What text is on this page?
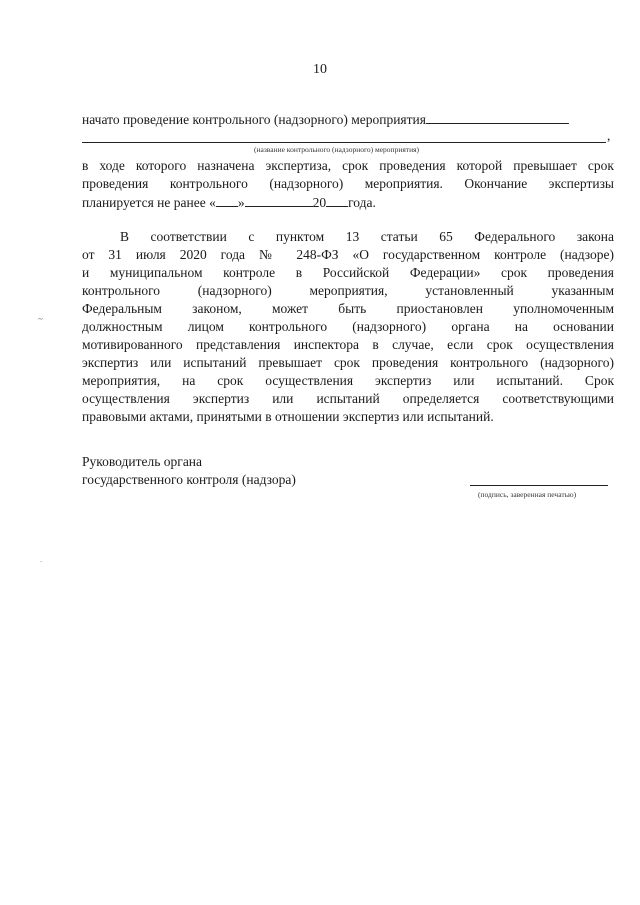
10
начато проведение контрольного (надзорного) мероприятия
,
(название контрольного (надзорного) мероприятия)
в ходе которого назначена экспертиза, срок проведения которой превышает срок
проведения контрольного (надзорного) мероприятия. Окончание экспертизы
планируется не ранее « »	20 года.
В соответствии с пунктом 13 статьи 65 Федерального закона
от 31 июля 2020 года № 248-ФЗ «О государственном контроле (надзоре)
и муниципальном контроле в Российской Федерации» срок проведения
контрольного (надзорного) мероприятия, установленный указанным
Федеральным законом, может быть приостановлен уполномоченным
должностным лицом контрольного (надзорного) органа на основании
мотивированного представления инспектора в случае, если срок осуществления
экспертиз или испытаний превышает срок проведения контрольного (надзорного)
мероприятия, на срок осуществления экспертиз или испытаний. Срок
осуществления экспертиз или испытаний определяется соответствующими
правовыми актами, принятыми в отношении экспертиз или испытаний.
Руководитель органа
государственного контроля (надзора)
(подпись, заверенная печатью)
~
`
